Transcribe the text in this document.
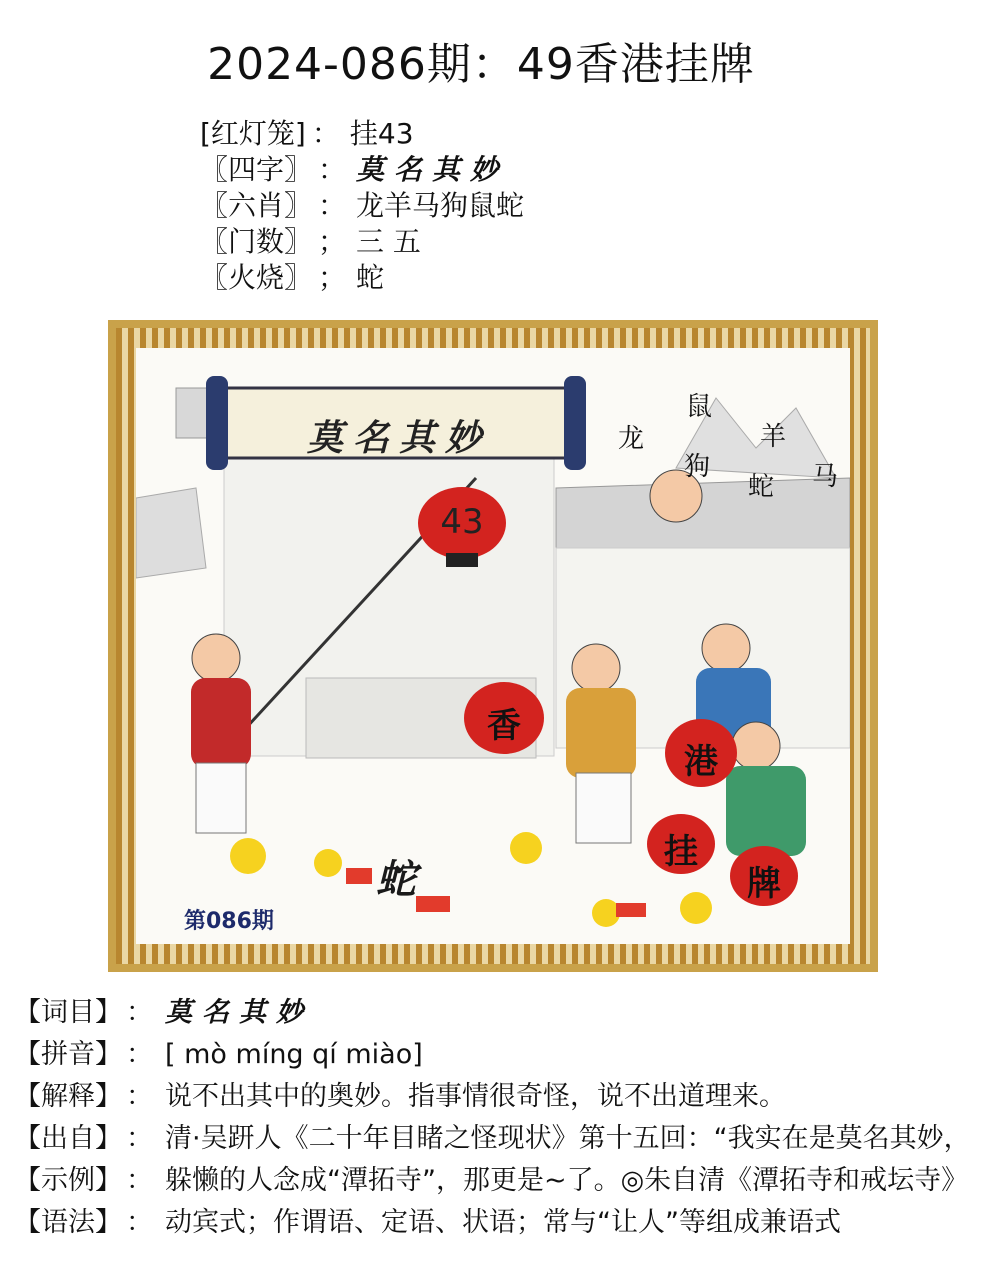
2024-086期：49香港挂牌
[红灯笼] ： 挂43
〖四字〗 ： 莫名其妙
〖六肖〗 ： 龙羊马狗鼠蛇
〖门数〗 ； 三 五
〖火烧〗 ； 蛇
莫名其妙	龙
鼠
狗
羊
蛇 马
43
香
港
挂
牌
蛇
第086期
【词目】 ： 莫名其妙
【拼音】 ： [ mò míng qí miào]
【解释】 ： 说不出其中的奥妙。指事情很奇怪，说不出道理来。
【出自】 ： 清·吴趼人《二十年目睹之怪现状》第十五回：“我实在是莫名其妙，
【示例】 ： 躲懒的人念成“潭拓寺”，那更是~了。◎朱自清《潭拓寺和戒坛寺》
【语法】 ： 动宾式；作谓语、定语、状语；常与“让人”等组成兼语式
